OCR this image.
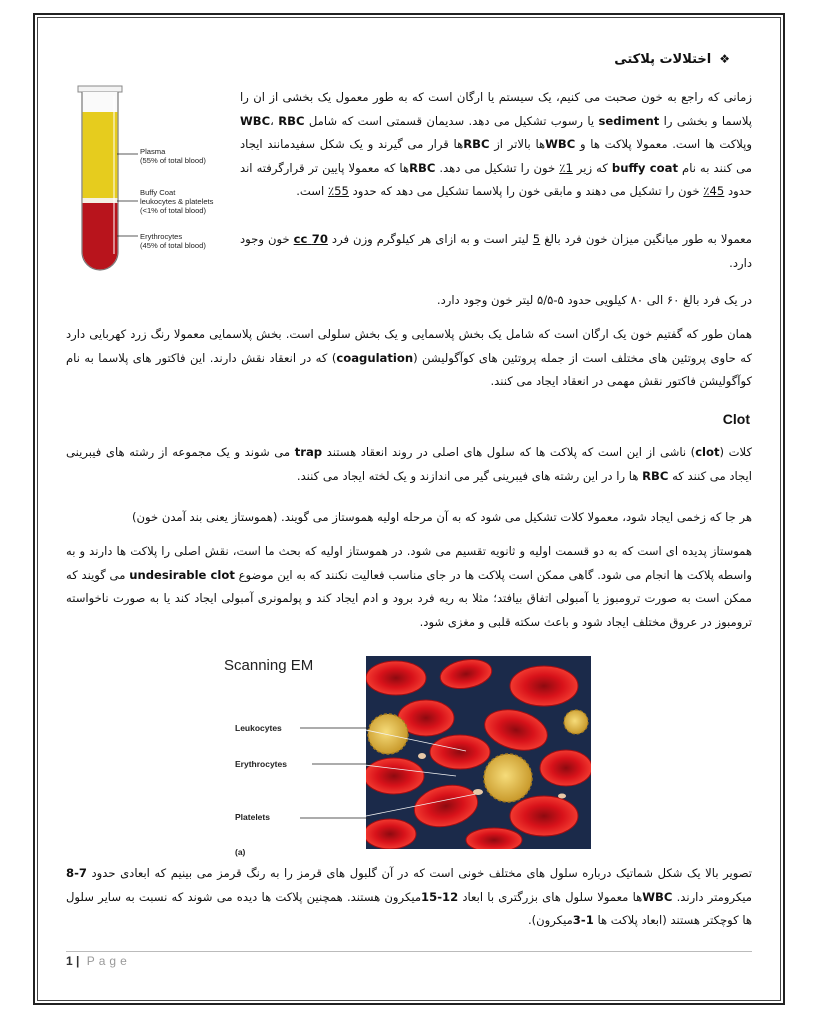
❖اختلالات پلاکتی
Plasma
(55% of total blood)
Buffy Coat
leukocytes & platelets
(<1% of total blood)
Erythrocytes
(45% of total blood)

زمانی که راجع به خون صحبت می کنیم، یک سیستم یا ارگان است که به طور معمول یک بخشی از ان را پلاسما و بخشی را sediment یا رسوب تشکیل می دهد. سدیمان قسمتی است که شامل WBC، RBC وپلاکت ها است. معمولا پلاکت ها و WBCها بالاتر از RBCها قرار می گیرند و یک شکل سفیدمانند ایجاد می کنند به نام buffy coat که زیر 1٪ خون را تشکیل می دهد. RBCها که معمولا پایین تر قرارگرفته اند حدود 45٪ خون را تشکیل می دهند و مابقی خون را پلاسما تشکیل می دهد که حدود 55٪ است.

معمولا به طور میانگین میزان خون فرد بالغ 5 لیتر است و به ازای هر کیلوگرم وزن فرد 70 cc خون وجود دارد.

در یک فرد بالغ ۶۰ الی ۸۰ کیلویی حدود ۵-۵/۵ لیتر خون وجود دارد.

همان طور که گفتیم خون یک ارگان است که شامل یک بخش پلاسمایی و یک بخش سلولی است. بخش پلاسمایی معمولا رنگ زرد کهربایی دارد که حاوی پروتئین های مختلف است از جمله پروتئین های کوآگولیشن (coagulation) که در انعقاد نقش دارند. این فاکتور های پلاسما به نام کوآگولیشن فاکتور نقش مهمی در انعقاد ایجاد می کنند.

Clot

کلات (clot) ناشی از این است که پلاکت ها که سلول های اصلی در روند انعقاد هستند trap می شوند و یک مجموعه از رشته های فیبرینی ایجاد می کنند که RBC ها را در این رشته های فیبرینی گیر می اندازند و یک لخته ایجاد می کنند.

هر جا که زخمی ایجاد شود، معمولا کلات تشکیل می شود که به آن مرحله اولیه هموستاز می گویند. (هموستاز یعنی بند آمدن خون)

هموستاز پدیده ای است که به دو قسمت اولیه و ثانویه تقسیم می شود. در هموستاز اولیه که بحث ما است، نقش اصلی را پلاکت ها دارند و به واسطه پلاکت ها انجام می شود. گاهی ممکن است پلاکت ها در جای مناسب فعالیت نکنند که به این موضوع undesirable clot می گویند که ممکن است به صورت ترومبوز یا آمبولی اتفاق بیافتد؛ مثلا به ریه فرد برود و ادم ایجاد کند و پولمونری آمبولی ایجاد کند یا به صورت ناخواسته ترومبوز در عروق مختلف ایجاد شود و باعث سکته قلبی و مغزی شود.

Scanning EM
Leukocytes
Erythrocytes
Platelets
(a)

تصویر بالا یک شکل شماتیک درباره سلول های مختلف خونی است که در آن گلبول های قرمز را به رنگ قرمز می بینیم که ابعادی حدود 7-8 میکرومتر دارند. WBCها معمولا سلول های بزرگتری با ابعاد 12-15میکرون هستند. همچنین پلاکت ها دیده می شوند که نسبت به سایر سلول ها کوچکتر هستند (ابعاد پلاکت ها 1-3میکرون).

1 | Page
